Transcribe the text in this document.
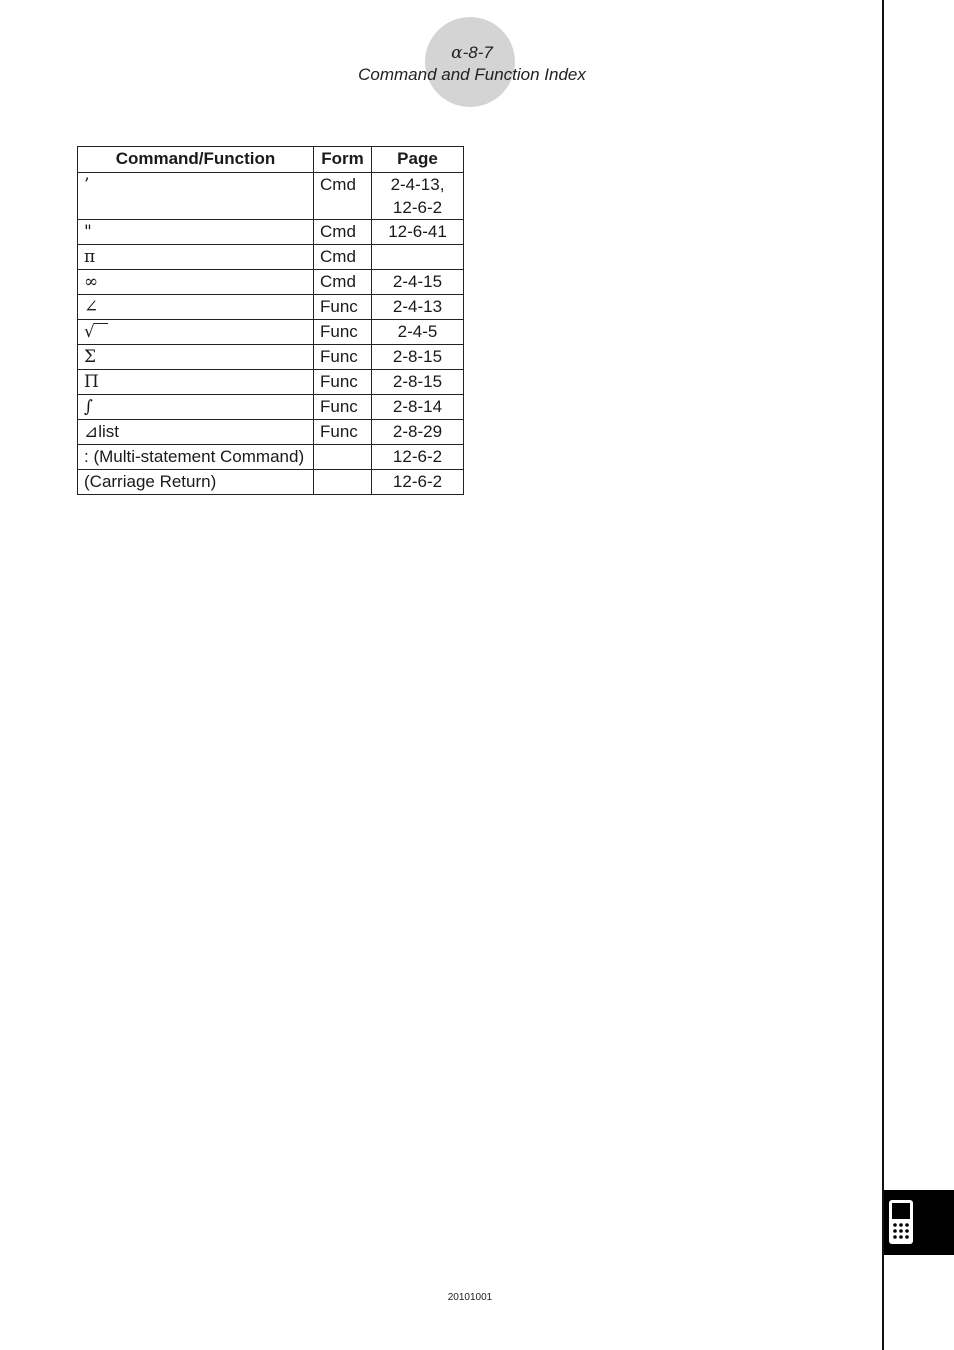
α-8-7
Command and Function Index
Command/Function	Form	Page
’	Cmd	2-4-13,
12-6-2

"	Cmd	12-6-41
π	Cmd	
∞	Cmd	2-4-15
∠	Func	2-4-13
√	Func	2-4-5
Σ	Func	2-8-15
Π	Func	2-8-15
∫	Func	2-8-14
⊿list	Func	2-8-29
: (Multi-statement Command)		12-6-2
(Carriage Return)		12-6-2
20101001
